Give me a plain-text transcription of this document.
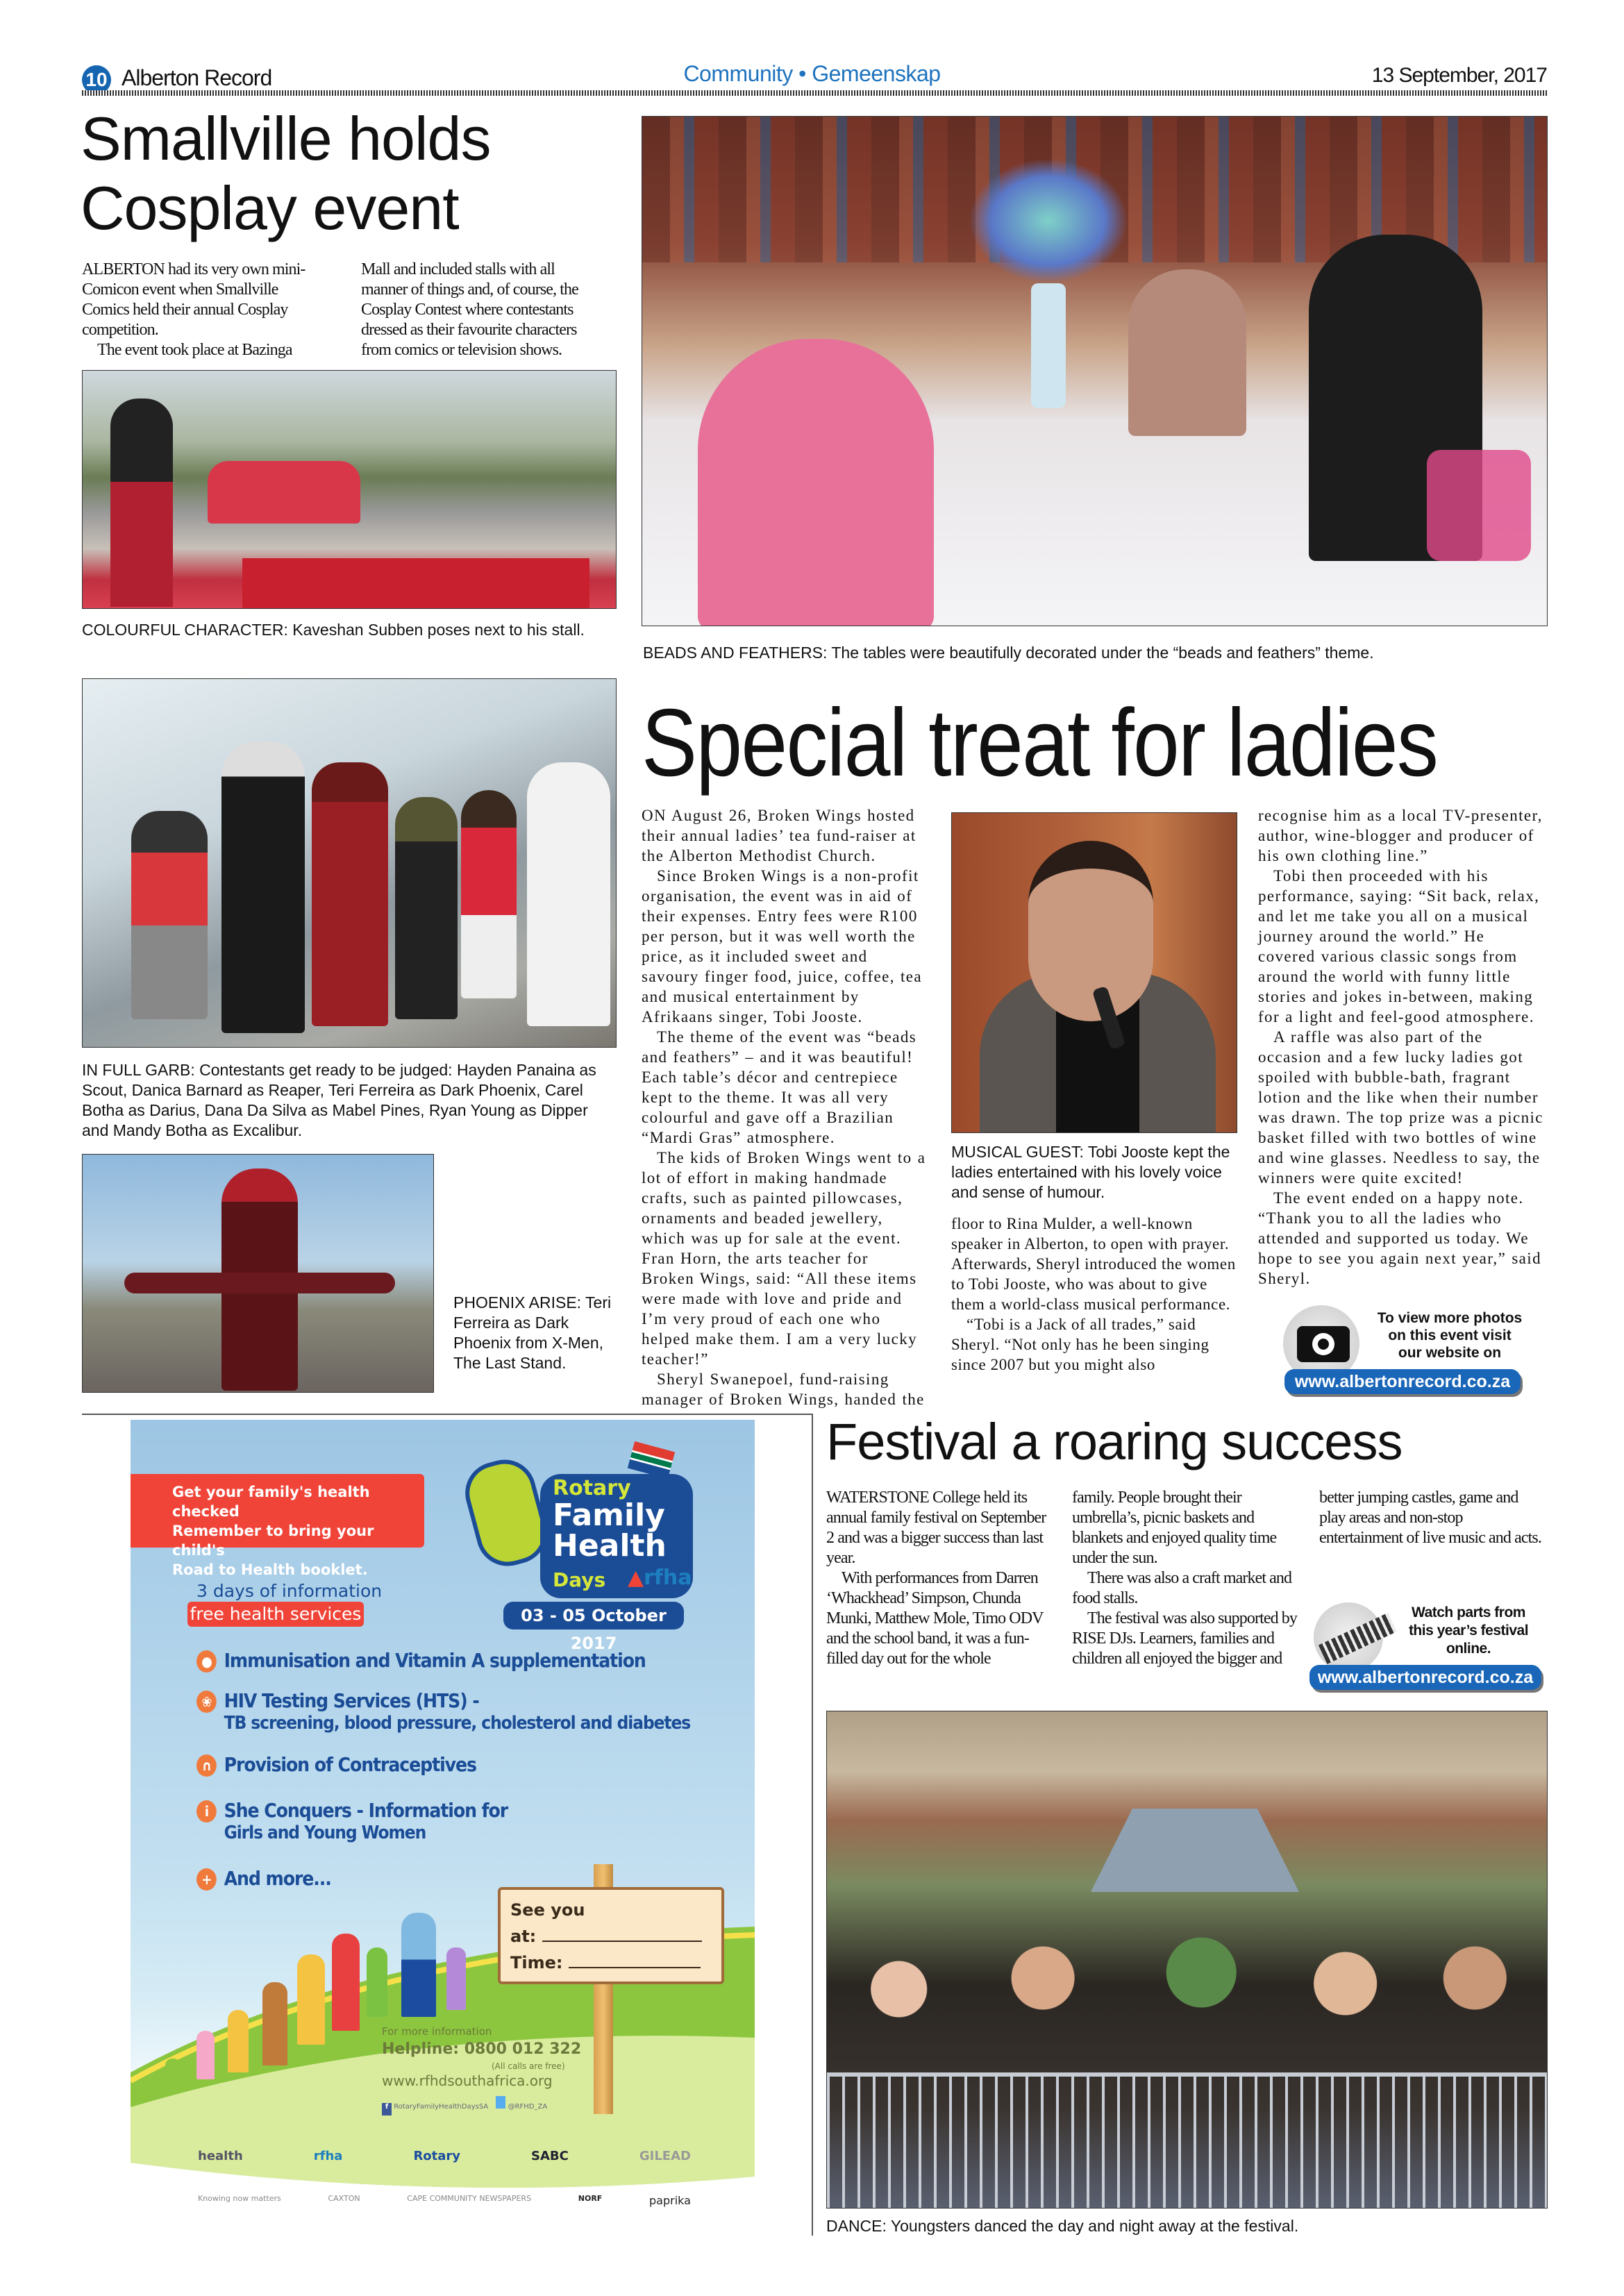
10 Alberton Record	Community • Gemeenskap	13 September, 2017
Smallville holds
Cosplay event

ALBERTON had its very own mini-Comicon event when Smallville Comics held their annual Cosplay competition.

The event took place at Bazinga

Mall and included stalls with all manner of things and, of course, the Cosplay Contest where contestants dressed as their favourite characters from comics or television shows.

COLOURFUL CHARACTER: Kaveshan Subben poses next to his stall.
IN FULL GARB: Contestants get ready to be judged: Hayden Panaina as Scout, Danica Barnard as Reaper, Teri Ferreira as Dark Phoenix, Carel Botha as Darius, Dana Da Silva as Mabel Pines, Ryan Young as Dipper and Mandy Botha as Excalibur.
PHOENIX ARISE: Teri Ferreira as Dark Phoenix from X-Men, The Last Stand.
BEADS AND FEATHERS: The tables were beautifully decorated under the “beads and feathers” theme.
Special treat for ladies

ON August 26, Broken Wings hosted their annual ladies’ tea fund-raiser at the Alberton Methodist Church.

Since Broken Wings is a non-profit organisation, the event was in aid of their expenses. Entry fees were R100 per person, but it was well worth the price, as it included sweet and savoury finger food, juice, coffee, tea and musical entertainment by Afrikaans singer, Tobi Jooste.

The theme of the event was “beads and feathers” – and it was beautiful! Each table’s décor and centrepiece kept to the theme. It was all very colourful and gave off a Brazilian “Mardi Gras” atmosphere.

The kids of Broken Wings went to a lot of effort in making handmade crafts, such as painted pillowcases, ornaments and beaded jewellery, which was up for sale at the event. Fran Horn, the arts teacher for Broken Wings, said: “All these items were made with love and pride and I’m very proud of each one who helped make them. I am a very lucky teacher!”

Sheryl Swanepoel, fund-raising manager of Broken Wings, handed the

MUSICAL GUEST: Tobi Jooste kept the ladies entertained with his lovely voice and sense of humour.

floor to Rina Mulder, a well-known speaker in Alberton, to open with prayer. Afterwards, Sheryl introduced the women to Tobi Jooste, who was about to give them a world-class musical performance.

“Tobi is a Jack of all trades,” said Sheryl. “Not only has he been singing since 2007 but you might also

recognise him as a local TV-presenter, author, wine-blogger and producer of his own clothing line.”

Tobi then proceeded with his performance, saying: “Sit back, relax, and let me take you all on a musical journey around the world.” He covered various classic songs from around the world with funny little stories and jokes in-between, making for a light and feel-good atmosphere.

A raffle was also part of the occasion and a few lucky ladies got spoiled with bubble-bath, fragrant lotion and the like when their number was drawn. The top prize was a picnic basket filled with two bottles of wine and wine glasses. Needless to say, the winners were quite excited!

The event ended on a happy note. “Thank you to all the ladies who attended and supported us today. We hope to see you again next year,” said Sheryl.

To view more photos
on this event visit
our website on
www.albertonrecord.co.za
Get your family's health checked
Remember to bring your child's
Road to Health booklet.
Rotary
Family
Health Days	▲rfha
3 days of information
free health services	03 - 05 October 2017
● Immunisation and Vitamin A supplementation
❀ HIV Testing Services (HTS) -
TB screening, blood pressure, cholesterol and diabetes
∩ Provision of Contraceptives
i She Conquers - Information for
Girls and Young Women
+ And more...
See you
at:
Time:
For more information
Helpline: 0800 012 322
(All calls are free)
www.rfhdsouthafrica.org
f RotaryFamilyHealthDaysSA	@RFHD_ZA
health	rfha	Rotary	SABC	GILEAD
Knowing now matters	CAXTON	CAPE COMMUNITY NEWSPAPERS	NORF	paprika
Festival a roaring success

WATERSTONE College held its annual family festival on September 2 and was a bigger success than last year.

With performances from Darren ‘Whackhead’ Simpson, Chunda Munki, Matthew Mole, Timo ODV and the school band, it was a fun-filled day out for the whole

family. People brought their umbrella’s, picnic baskets and blankets and enjoyed quality time under the sun.

There was also a craft market and food stalls.

The festival was also supported by RISE DJs. Learners, families and children all enjoyed the bigger and

better jumping castles, game and play areas and non-stop entertainment of live music and acts.

Watch parts from
this year’s festival
online.
www.albertonrecord.co.za
DANCE: Youngsters danced the day and night away at the festival.
